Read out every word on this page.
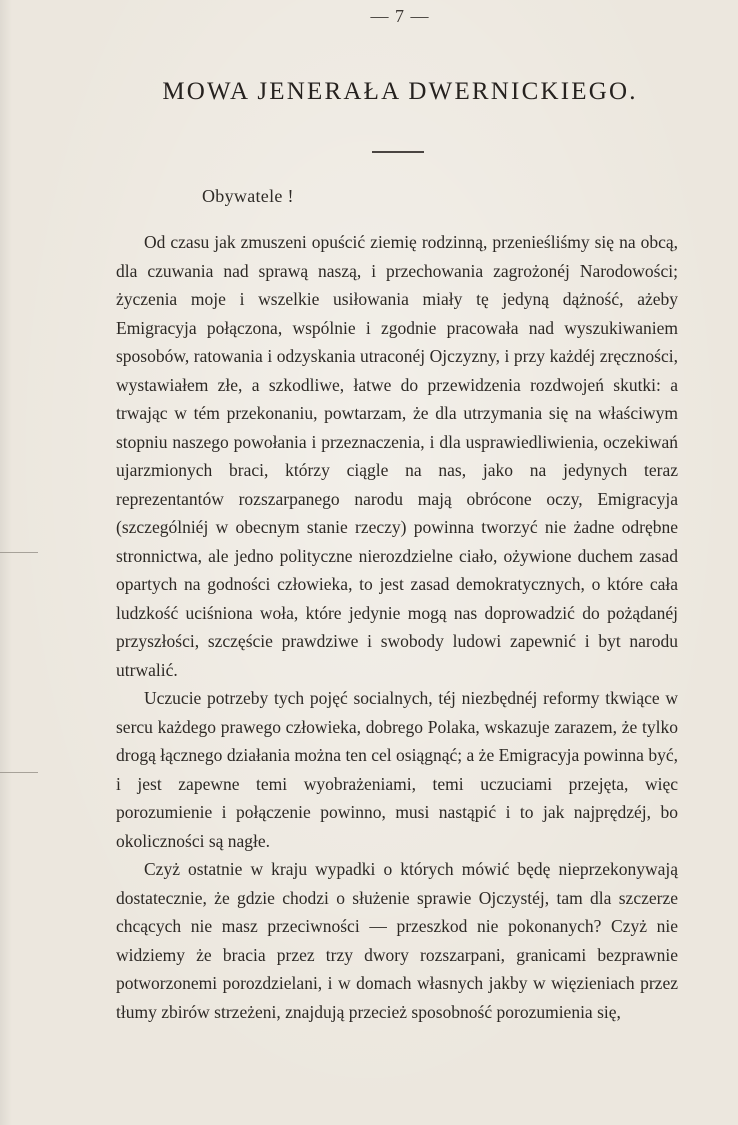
— 7 —
MOWA JENERAŁA DWERNICKIEGO.
Obywatele !

Od czasu jak zmuszeni opuścić ziemię rodzinną, przenieśliśmy się na obcą, dla czuwania nad sprawą naszą, i przechowania zagrożonéj Narodowości; życzenia moje i wszelkie usiłowania miały tę jedyną dążność, ażeby Emigracyja połączona, wspólnie i zgodnie pracowała nad wyszukiwaniem sposobów, ratowania i odzyskania utraconéj Ojczyzny, i przy każdéj zręczności, wystawiałem złe, a szkodliwe, łatwe do przewidzenia rozdwojeń skutki: a trwając w tém przekonaniu, powtarzam, że dla utrzymania się na właściwym stopniu naszego powołania i przeznaczenia, i dla usprawiedliwienia, oczekiwań ujarzmionych braci, którzy ciągle na nas, jako na jedynych teraz reprezentantów rozszarpanego narodu mają obrócone oczy, Emigracyja (szczególniéj w obecnym stanie rzeczy) powinna tworzyć nie żadne odrębne stronnictwa, ale jedno polityczne nierozdzielne ciało, ożywione duchem zasad opartych na godności człowieka, to jest zasad demokratycznych, o które cała ludzkość uciśniona woła, które jedynie mogą nas doprowadzić do pożądanéj przyszłości, szczęście prawdziwe i swobody ludowi zapewnić i byt narodu utrwalić.

Uczucie potrzeby tych pojęć socialnych, téj niezbędnéj reformy tkwiące w sercu każdego prawego człowieka, dobrego Polaka, wskazuje zarazem, że tylko drogą łącznego działania można ten cel osiągnąć; a że Emigracyja powinna być, i jest zapewne temi wyobrażeniami, temi uczuciami przejęta, więc porozumienie i połączenie powinno, musi nastąpić i to jak najprędzéj, bo okoliczności są nagłe.

Czyż ostatnie w kraju wypadki o których mówić będę nieprzekonywają dostatecznie, że gdzie chodzi o służenie sprawie Ojczystéj, tam dla szczerze chcących nie masz przeciwności — przeszkod nie pokonanych? Czyż nie widziemy że bracia przez trzy dwory rozszarpani, granicami bezprawnie potworzonemi porozdzielani, i w domach własnych jakby w więzieniach przez tłumy zbirów strzeżeni, znajdują przecież sposobność porozumienia się,
